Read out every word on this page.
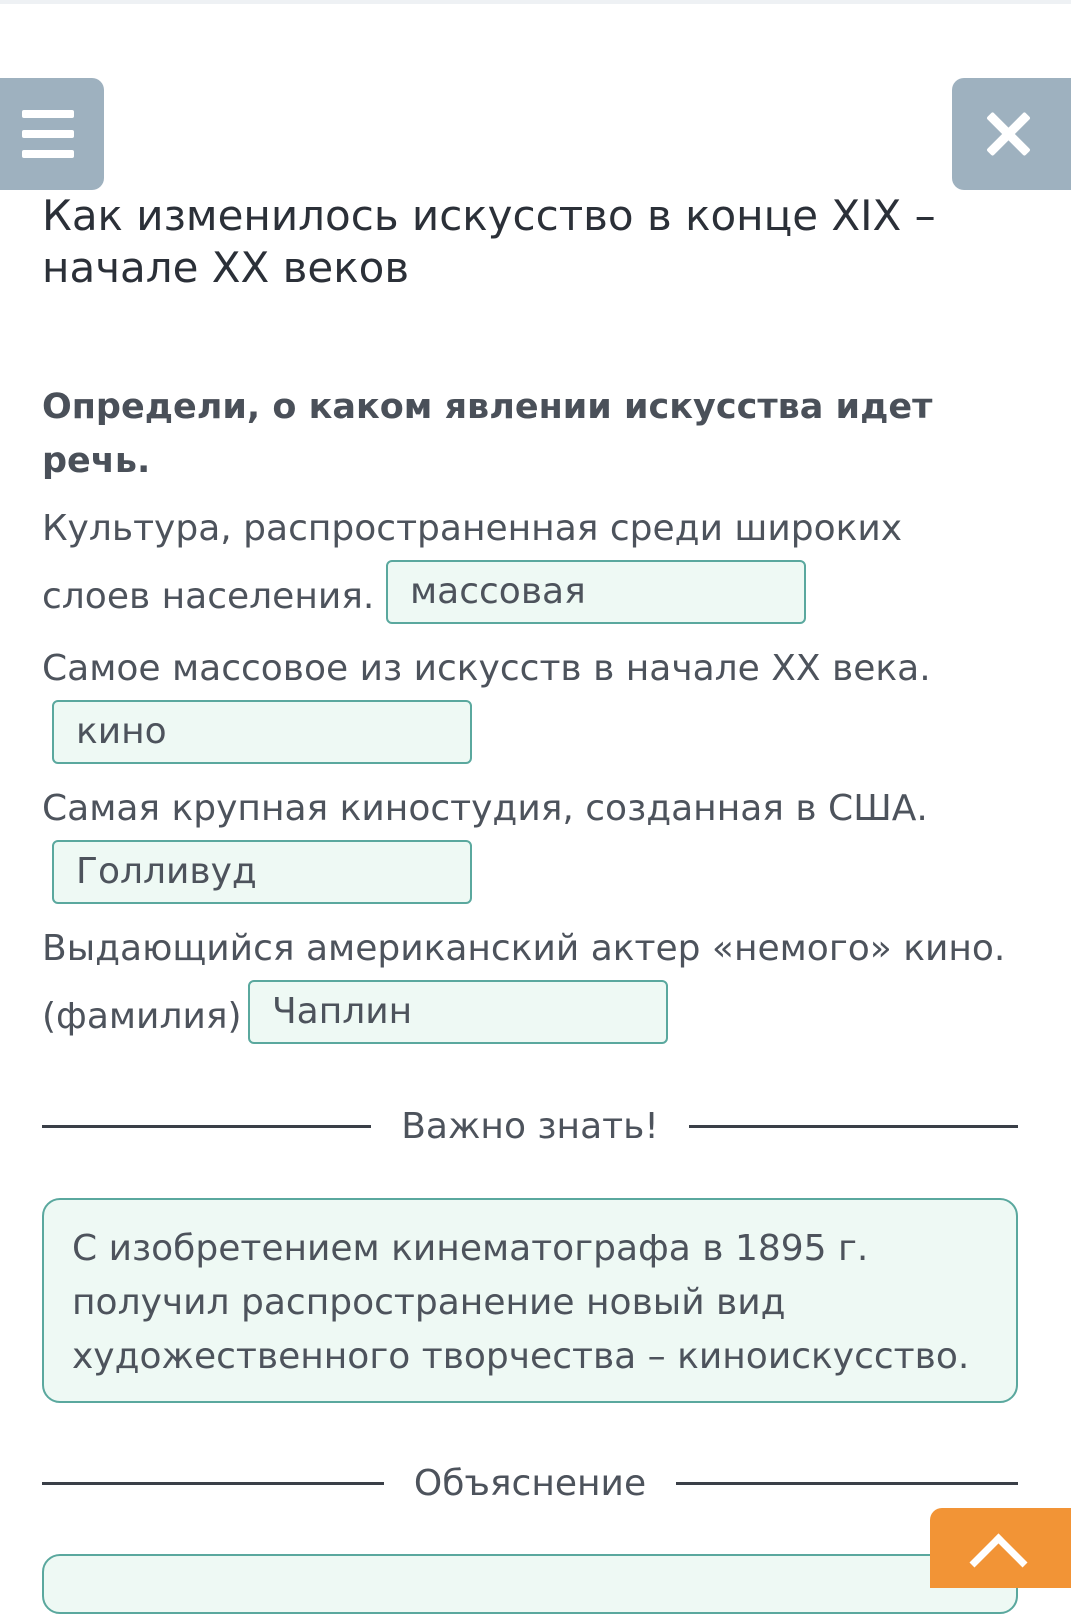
Как изменилось искусство в конце XIX – начале XX веков

Определи, о каком явлении искусства идет речь.

Культура, распространенная среди широких
слоев населения. массовая
Самое массовое из искусств в начале XX века.
кино
Самая крупная киностудия, созданная в США.
Голливуд
Выдающийся американский актер «немого» кино.
(фамилия) Чаплин
Важно знать!
С изобретением кинематографа в 1895 г. получил распространение новый вид художественного творчества – киноискусство.
Объяснение
